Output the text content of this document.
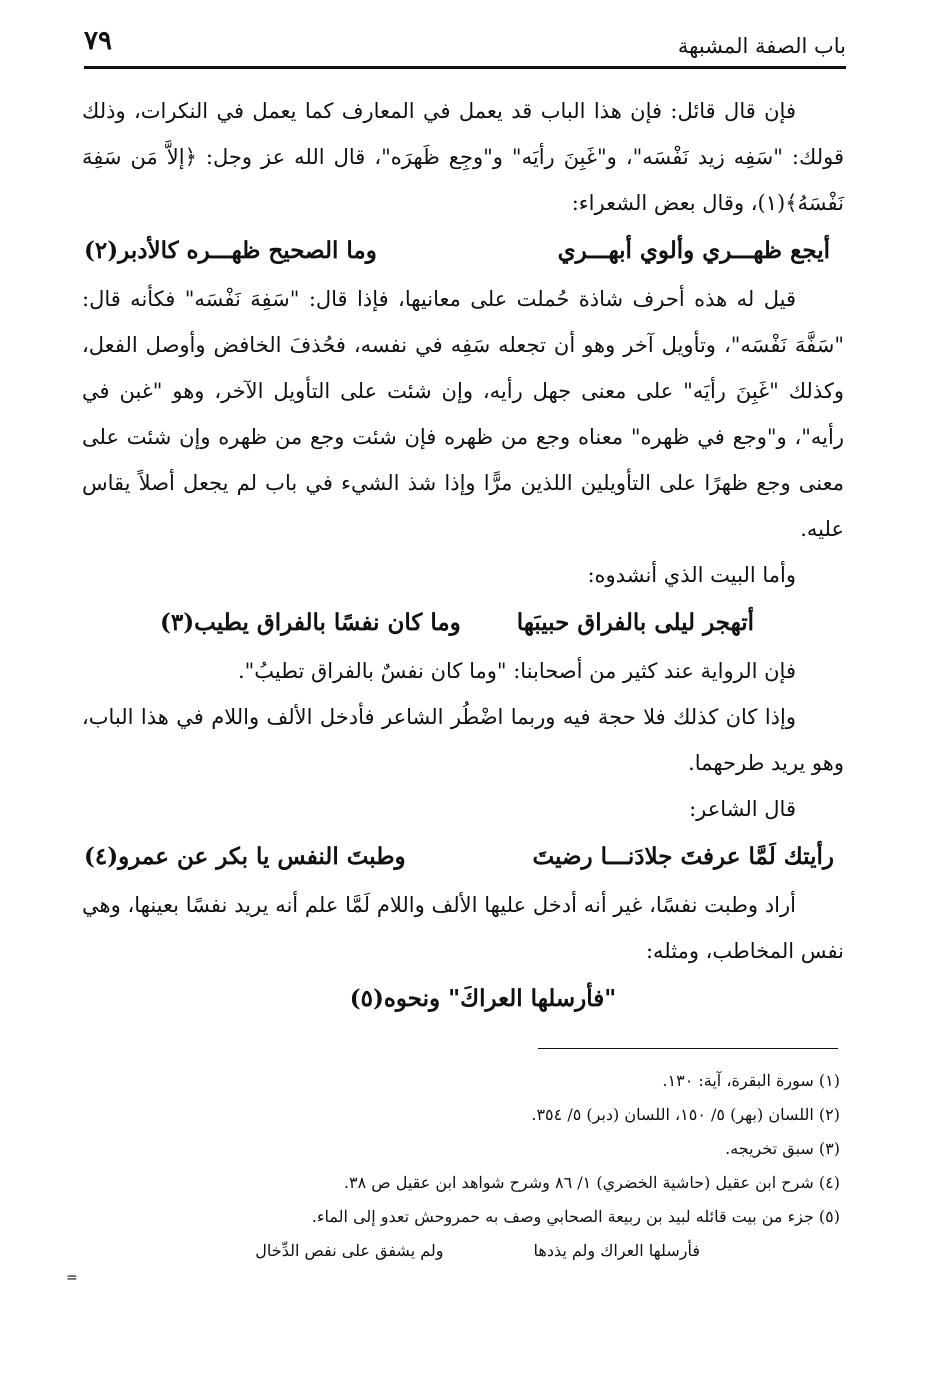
باب الصفة المشبهة
٧٩

فإن قال قائل: فإن هذا الباب قد يعمل في المعارف كما يعمل في النكرات، وذلك قولك: "سَفِه زيد نَفْسَه"، و"غَبِنَ رأيَه" و"وجِع ظَهرَه"، قال الله عز وجل: ﴿إلاَّ مَن سَفِهَ نَفْسَهُ﴾(١)، وقال بعض الشعراء:

أيجع ظهـــري وألوي أبهـــري
وما الصحيح ظهـــره كالأدبر(٢)

قيل له هذه أحرف شاذة حُملت على معانيها، فإذا قال: "سَفِهَ نَفْسَه" فكأنه قال: "سَفَّهَ نَفْسَه"، وتأويل آخر وهو أن تجعله سَفِه في نفسه، فحُذفَ الخافض وأوصل الفعل، وكذلك "غَبِنَ رأيَه" على معنى جهل رأيه، وإن شئت على التأويل الآخر، وهو "غبن في رأيه"، و"وجع في ظهره" معناه وجع من ظهره فإن شئت وجع من ظهره وإن شئت على معنى وجع ظهرًا على التأويلين اللذين مرًّا وإذا شذ الشيء في باب لم يجعل أصلاً يقاس عليه.

وأما البيت الذي أنشدوه:

أتهجر ليلى بالفراق حبيبَها
وما كان نفسًا بالفراق يطيب(٣)

فإن الرواية عند كثير من أصحابنا: "وما كان نفسٌ بالفراق تطيبُ".

وإذا كان كذلك فلا حجة فيه وربما اضْطُر الشاعر فأدخل الألف واللام في هذا الباب، وهو يريد طرحهما.

قال الشاعر:

رأيتك لَمَّا عرفتَ جلادَنـــا رضيتَ
وطبتَ النفس يا بكر عن عمرو(٤)

أراد وطبت نفسًا، غير أنه أدخل عليها الألف واللام لَمَّا علم أنه يريد نفسًا بعينها، وهي نفس المخاطب، ومثله:

"فأرسلها العراكَ" ونحوه(٥)

(١) سورة البقرة، آية: ١٣٠.

(٢) اللسان (بهر) ٥/ ١٥٠، اللسان (دبر) ٥/ ٣٥٤.

(٣) سبق تخريجه.

(٤) شرح ابن عقيل (حاشية الخضري) ١/ ٨٦ وشرح شواهد ابن عقيل ص ٣٨.

(٥) جزء من بيت قائله لبيد بن ربيعة الصحابي وصف به حمروحش تعدو إلى الماء.

فأرسلها العراك ولم يذدها
ولم يشفق على نفص الدِّخال
=
